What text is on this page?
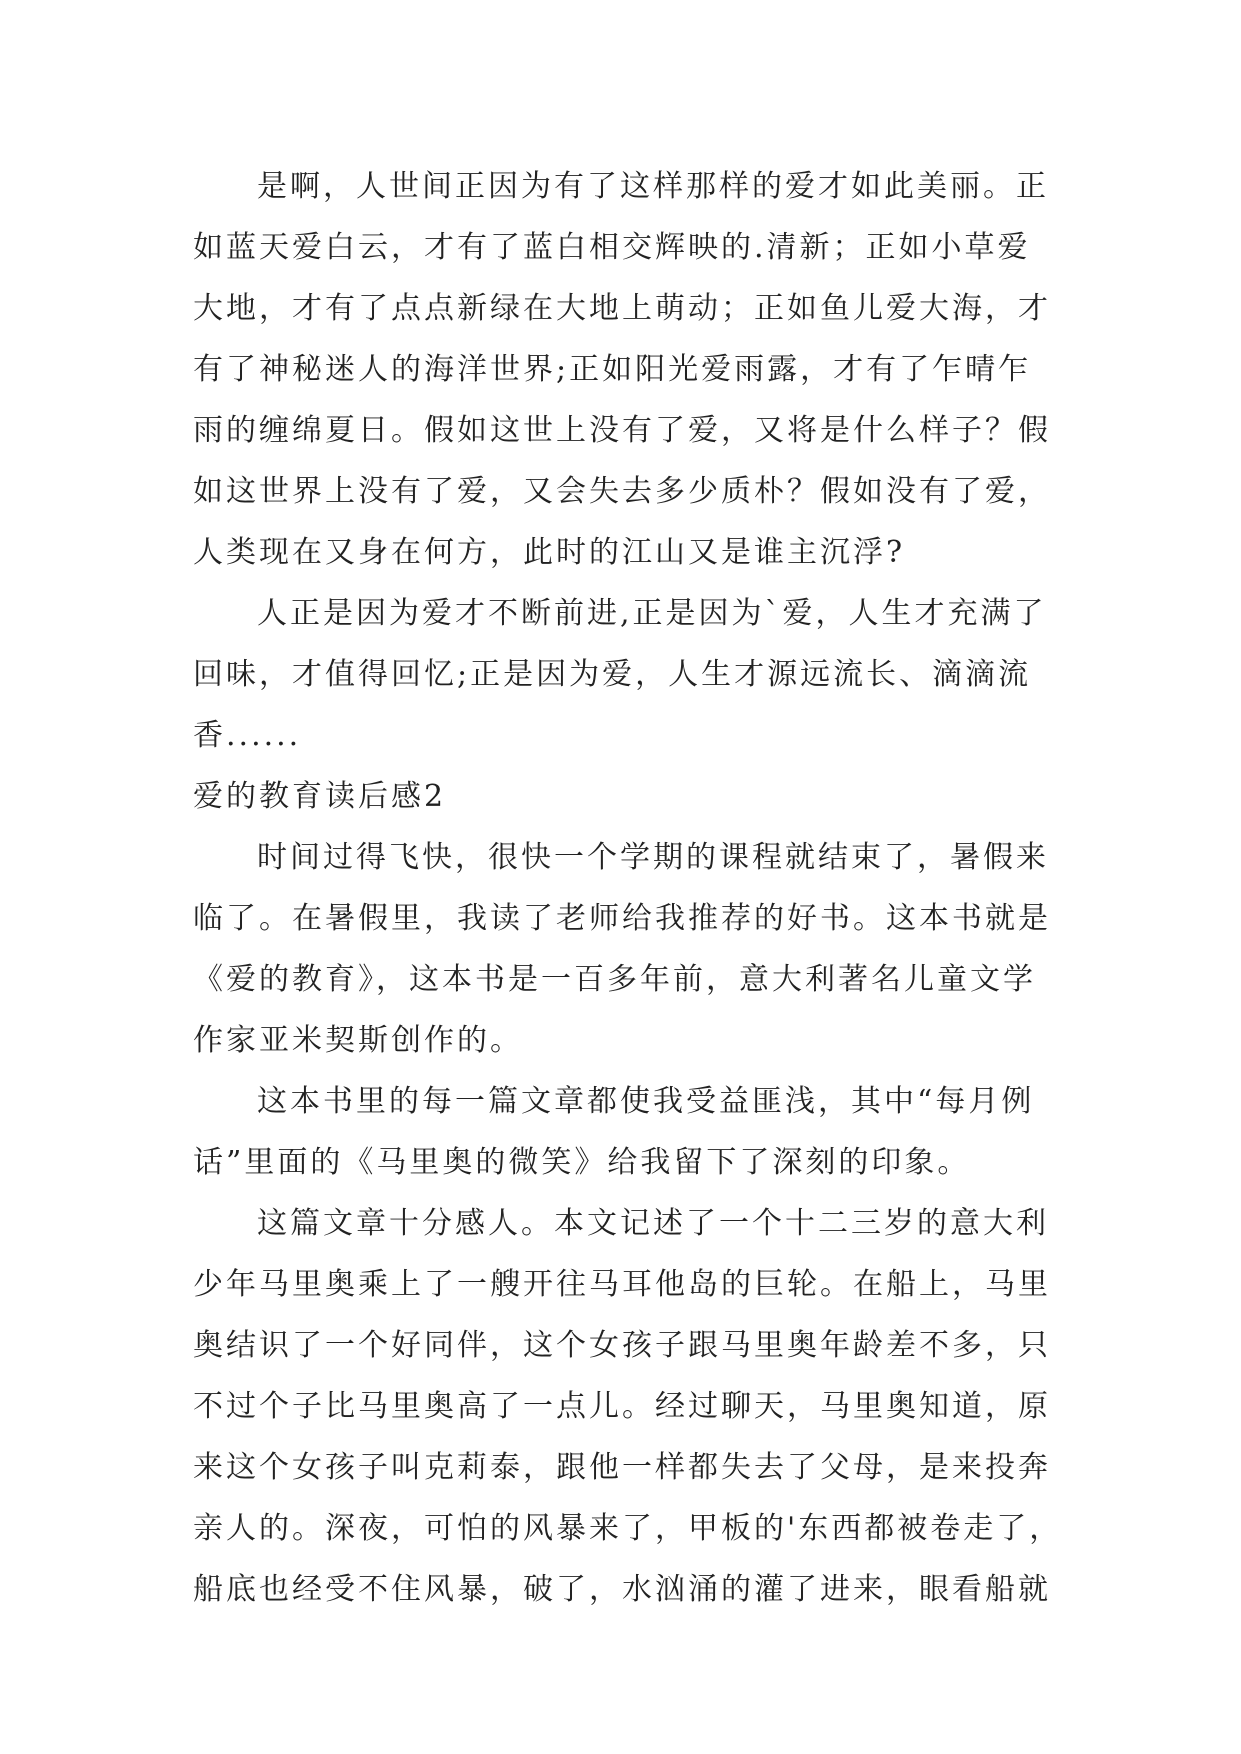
是啊，人世间正因为有了这样那样的爱才如此美丽。正
如蓝天爱白云，才有了蓝白相交辉映的.清新；正如小草爱
大地，才有了点点新绿在大地上萌动；正如鱼儿爱大海，才
有了神秘迷人的海洋世界;正如阳光爱雨露，才有了乍晴乍
雨的缠绵夏日。假如这世上没有了爱，又将是什么样子？假
如这世界上没有了爱，又会失去多少质朴？假如没有了爱，
人类现在又身在何方，此时的江山又是谁主沉浮?
人正是因为爱才不断前进,正是因为`爱，人生才充满了
回味，才值得回忆;正是因为爱，人生才源远流长、滴滴流
香......
爱的教育读后感2
时间过得飞快，很快一个学期的课程就结束了，暑假来
临了。在暑假里，我读了老师给我推荐的好书。这本书就是
《爱的教育》，这本书是一百多年前，意大利著名儿童文学
作家亚米契斯创作的。
这本书里的每一篇文章都使我受益匪浅，其中“每月例
话”里面的《马里奥的微笑》给我留下了深刻的印象。
这篇文章十分感人。本文记述了一个十二三岁的意大利
少年马里奥乘上了一艘开往马耳他岛的巨轮。在船上，马里
奥结识了一个好同伴，这个女孩子跟马里奥年龄差不多，只
不过个子比马里奥高了一点儿。经过聊天，马里奥知道，原
来这个女孩子叫克莉泰，跟他一样都失去了父母，是来投奔
亲人的。深夜，可怕的风暴来了，甲板的'东西都被卷走了，
船底也经受不住风暴，破了，水汹涌的灌了进来，眼看船就
